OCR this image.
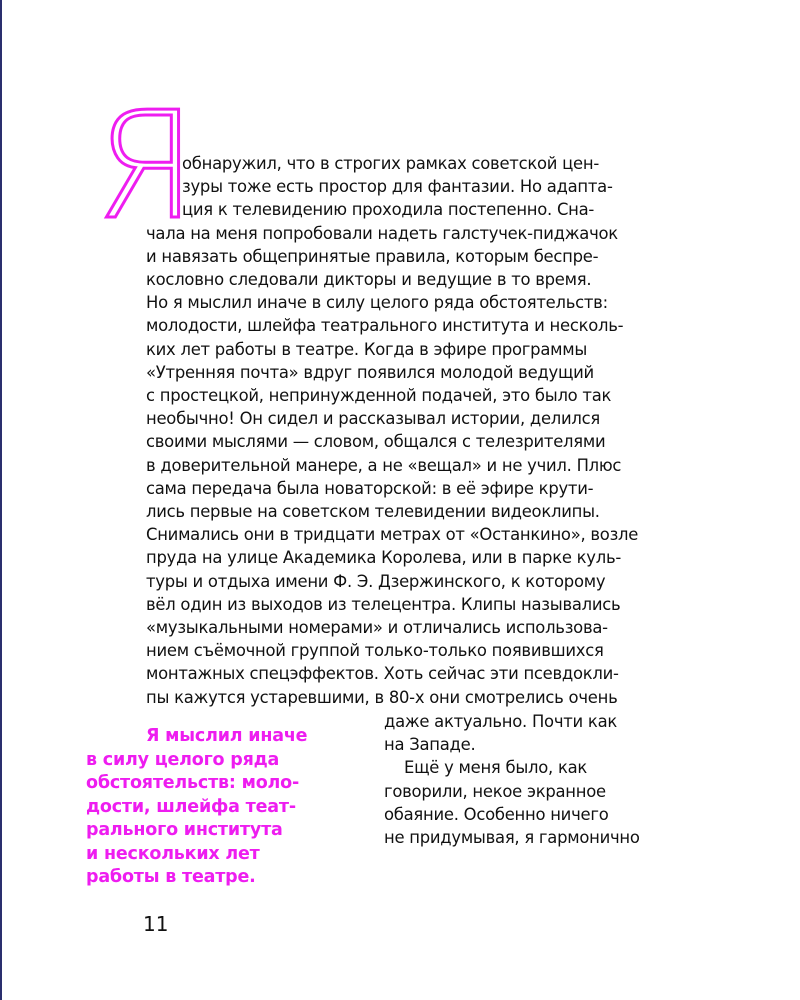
Я
обнаружил, что в строгих рамках советской цен-
зуры тоже есть простор для фантазии. Но адапта-
ция к телевидению проходила постепенно. Сна-
чала на меня попробовали надеть галстучек-пиджачок
и навязать общепринятые правила, которым беспре-
кословно следовали дикторы и ведущие в то время.
Но я мыслил иначе в силу целого ряда обстоятельств:
молодости, шлейфа театрального института и несколь-
ких лет работы в театре. Когда в эфире программы
«Утренняя почта» вдруг появился молодой ведущий
с простецкой, непринужденной подачей, это было так
необычно! Он сидел и рассказывал истории, делился
своими мыслями — словом, общался с телезрителями
в доверительной манере, а не «вещал» и не учил. Плюс
сама передача была новаторской: в её эфире крути-
лись первые на советском телевидении видеоклипы.
Снимались они в тридцати метрах от «Останкино», возле
пруда на улице Академика Королева, или в парке куль-
туры и отдыха имени Ф. Э. Дзержинского, к которому
вёл один из выходов из телецентра. Клипы назывались
«музыкальными номерами» и отличались использова-
нием съёмочной группой только-только появившихся
монтажных спецэффектов. Хоть сейчас эти псевдокли-
пы кажутся устаревшими, в 80-х они смотрелись очень
даже актуально. Почти как
на Западе.
Ещё у меня было, как
говорили, некое экранное
обаяние. Особенно ничего
не придумывая, я гармонично
Я мыслил иначе
в силу целого ряда
обстоятельств: моло-
дости, шлейфа теат-
рального института
и нескольких лет
работы в театре.
11
